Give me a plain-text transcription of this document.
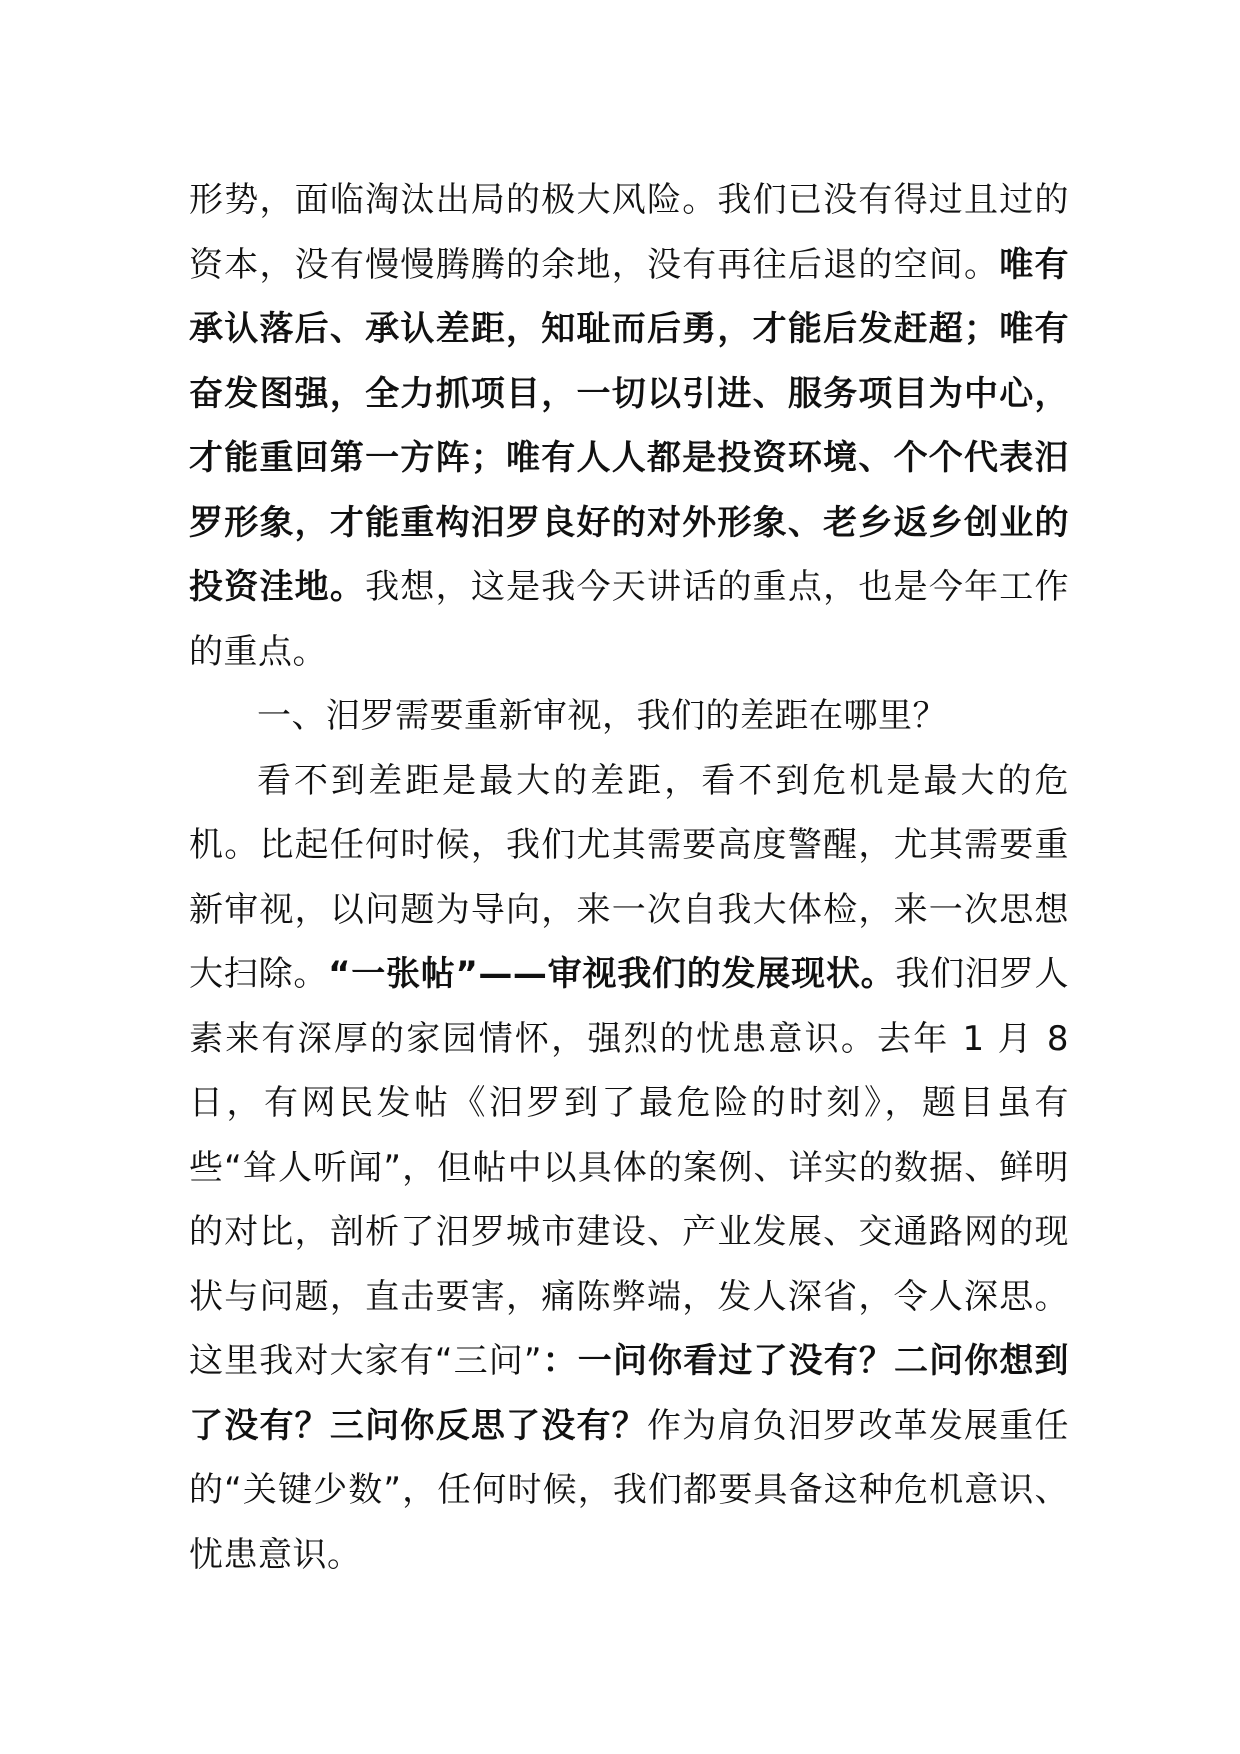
形势，面临淘汰出局的极大风险。我们已没有得过且过的资本，没有慢慢腾腾的余地，没有再往后退的空间。唯有承认落后、承认差距，知耻而后勇，才能后发赶超；唯有奋发图强，全力抓项目，一切以引进、服务项目为中心，才能重回第一方阵；唯有人人都是投资环境、个个代表汨罗形象，才能重构汨罗良好的对外形象、老乡返乡创业的投资洼地。我想，这是我今天讲话的重点，也是今年工作的重点。

一、汨罗需要重新审视，我们的差距在哪里？

看不到差距是最大的差距，看不到危机是最大的危机。比起任何时候，我们尤其需要高度警醒，尤其需要重新审视，以问题为导向，来一次自我大体检，来一次思想大扫除。“一张帖”——审视我们的发展现状。我们汨罗人素来有深厚的家园情怀，强烈的忧患意识。去年 1 月 8 日，有网民发帖《汨罗到了最危险的时刻》，题目虽有些“耸人听闻”，但帖中以具体的案例、详实的数据、鲜明的对比，剖析了汨罗城市建设、产业发展、交通路网的现状与问题，直击要害，痛陈弊端，发人深省，令人深思。这里我对大家有“三问”：一问你看过了没有？二问你想到了没有？三问你反思了没有？作为肩负汨罗改革发展重任的“关键少数”，任何时候，我们都要具备这种危机意识、忧患意识。
